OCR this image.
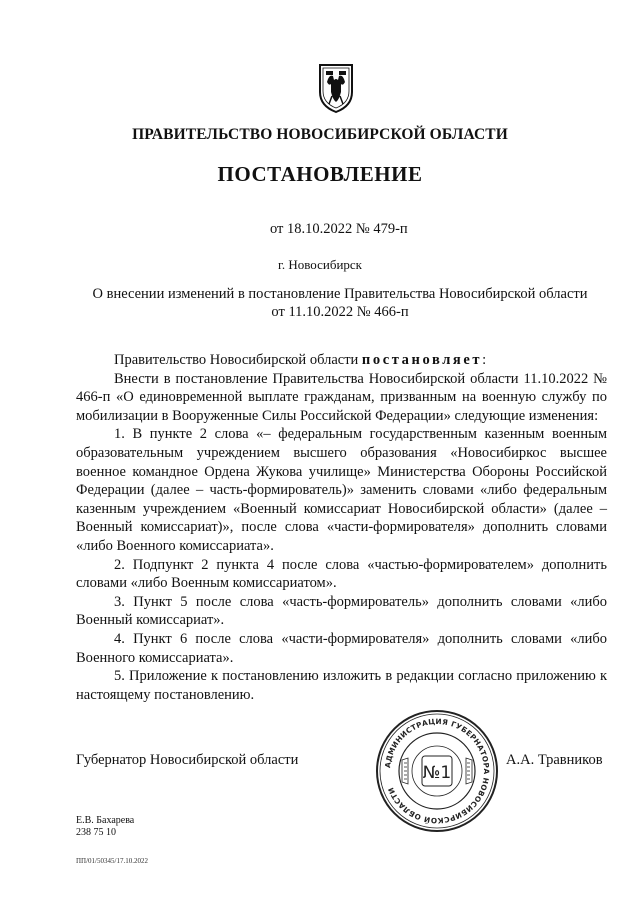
ПРАВИТЕЛЬСТВО НОВОСИБИРСКОЙ ОБЛАСТИ
ПОСТАНОВЛЕНИЕ
от 18.10.2022 № 479-п
г. Новосибирск
О внесении изменений в постановление Правительства Новосибирской области
от 11.10.2022 № 466-п

Правительство Новосибирской области постановляет:

Внести в постановление Правительства Новосибирской области 11.10.2022 № 466-п «О единовременной выплате гражданам, призванным на военную службу по мобилизации в Вооруженные Силы Российской Федерации» следующие изменения:

1. В пункте 2 слова «– федеральным государственным казенным военным образовательным учреждением высшего образования «Новосибиркос высшее военное командное Ордена Жукова училище» Министерства Обороны Российской Федерации (далее – часть-формирователь)» заменить словами «либо федеральным казенным учреждением «Военный комиссариат Новосибирской области» (далее – Военный комиссариат)», после слова «части-формирователя» дополнить словами «либо Военного комиссариата».

2. Подпункт 2 пункта 4 после слова «частью-формирователем» дополнить словами «либо Военным комиссариатом».

3. Пункт 5 после слова «часть-формирователь» дополнить словами «либо Военный комиссариат».

4. Пункт 6 после слова «части-формирователя» дополнить словами «либо Военного комиссариата».

5. Приложение к постановлению изложить в редакции согласно приложению к настоящему постановлению.

Губернатор Новосибирской области	А.А. Травников
АДМИНИСТРАЦИЯ ГУБЕРНАТОРА НОВОСИБИРСКОЙ ОБЛАСТИ
№1
Е.В. Бахарева
238 75 10
ПП/01/50345/17.10.2022
